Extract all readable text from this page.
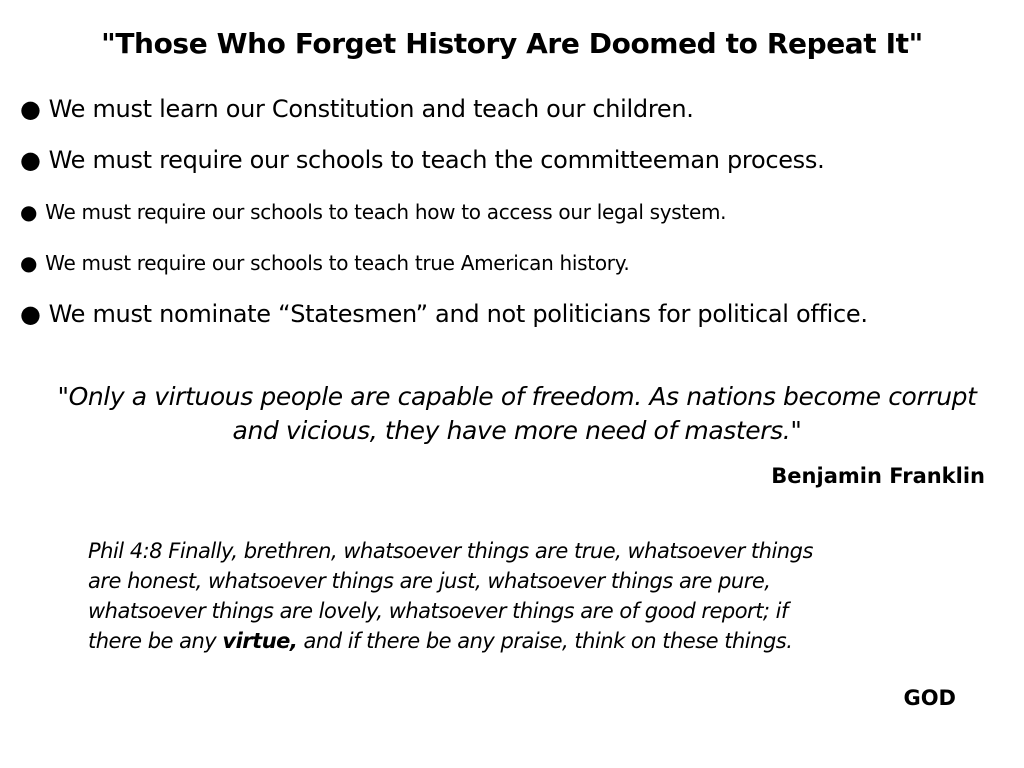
"Those Who Forget History Are Doomed to Repeat It"
● We must learn our Constitution and teach our children.
● We must require our schools to teach the committeeman process.
● We must require our schools to teach how to access our legal system.
● We must require our schools to teach true American history.
● We must nominate “Statesmen” and not politicians for political office.
"Only a virtuous people are capable of freedom. As nations become corrupt and vicious, they have more need of masters."
Benjamin Franklin
Phil 4:8 Finally, brethren, whatsoever things are true, whatsoever things
are honest, whatsoever things are just, whatsoever things are pure,
whatsoever things are lovely, whatsoever things are of good report; if
there be any virtue, and if there be any praise, think on these things.
GOD
